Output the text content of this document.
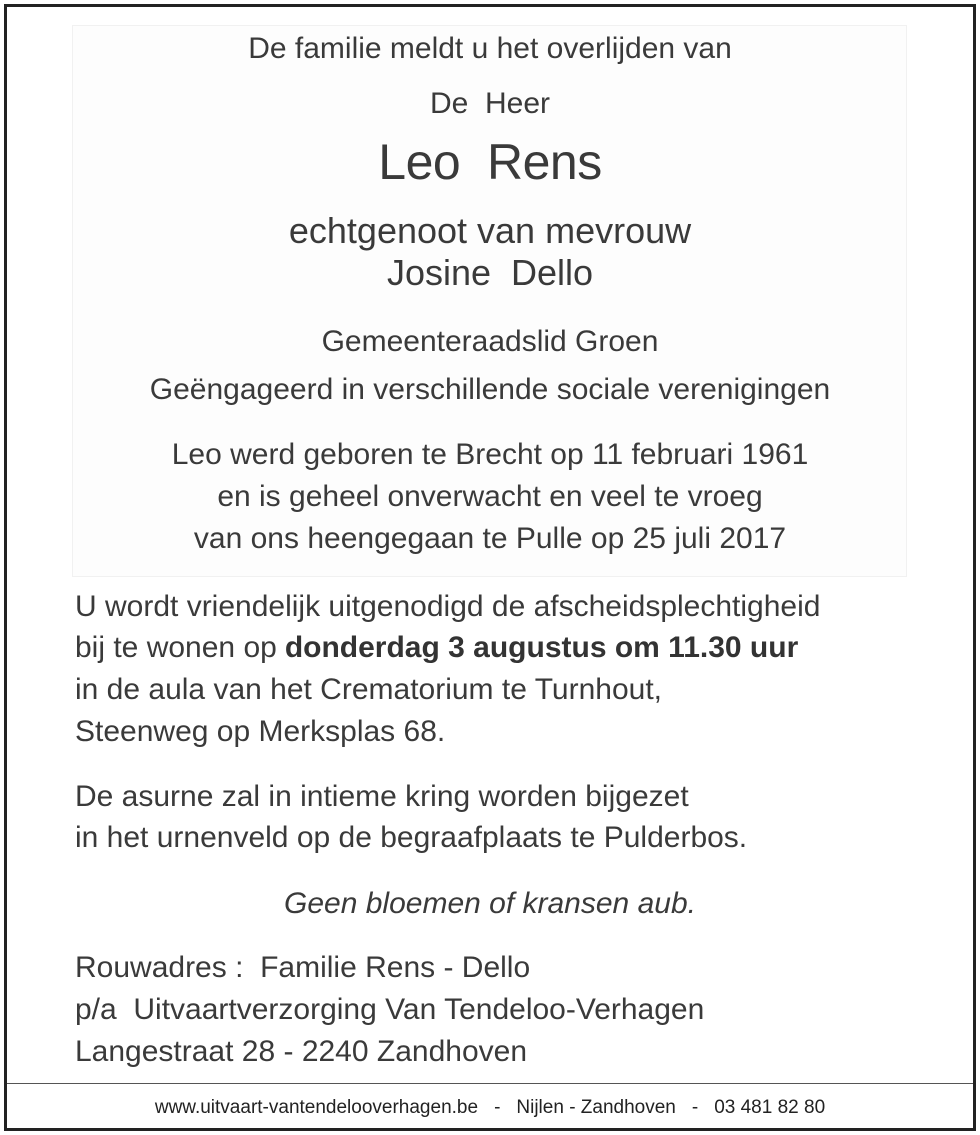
De familie meldt u het overlijden van
De  Heer
Leo  Rens
echtgenoot van mevrouw
Josine  Dello
Gemeenteraadslid Groen
Geëngageerd in verschillende sociale verenigingen
Leo werd geboren te Brecht op 11 februari 1961
en is geheel onverwacht en veel te vroeg
van ons heengegaan te Pulle op 25 juli 2017
U wordt vriendelijk uitgenodigd de afscheidsplechtigheid
bij te wonen op donderdag 3 augustus om 11.30 uur
in de aula van het Crematorium te Turnhout,
Steenweg op Merksplas 68.
De asurne zal in intieme kring worden bijgezet
in het urnenveld op de begraafplaats te Pulderbos.
Geen bloemen of kransen aub.
Rouwadres :  Familie Rens - Dello
p/a  Uitvaartverzorging Van Tendeloo-Verhagen
Langestraat 28 - 2240 Zandhoven
www.uitvaart-vantendelooverhagen.be - Nijlen - Zandhoven - 03 481 82 80
